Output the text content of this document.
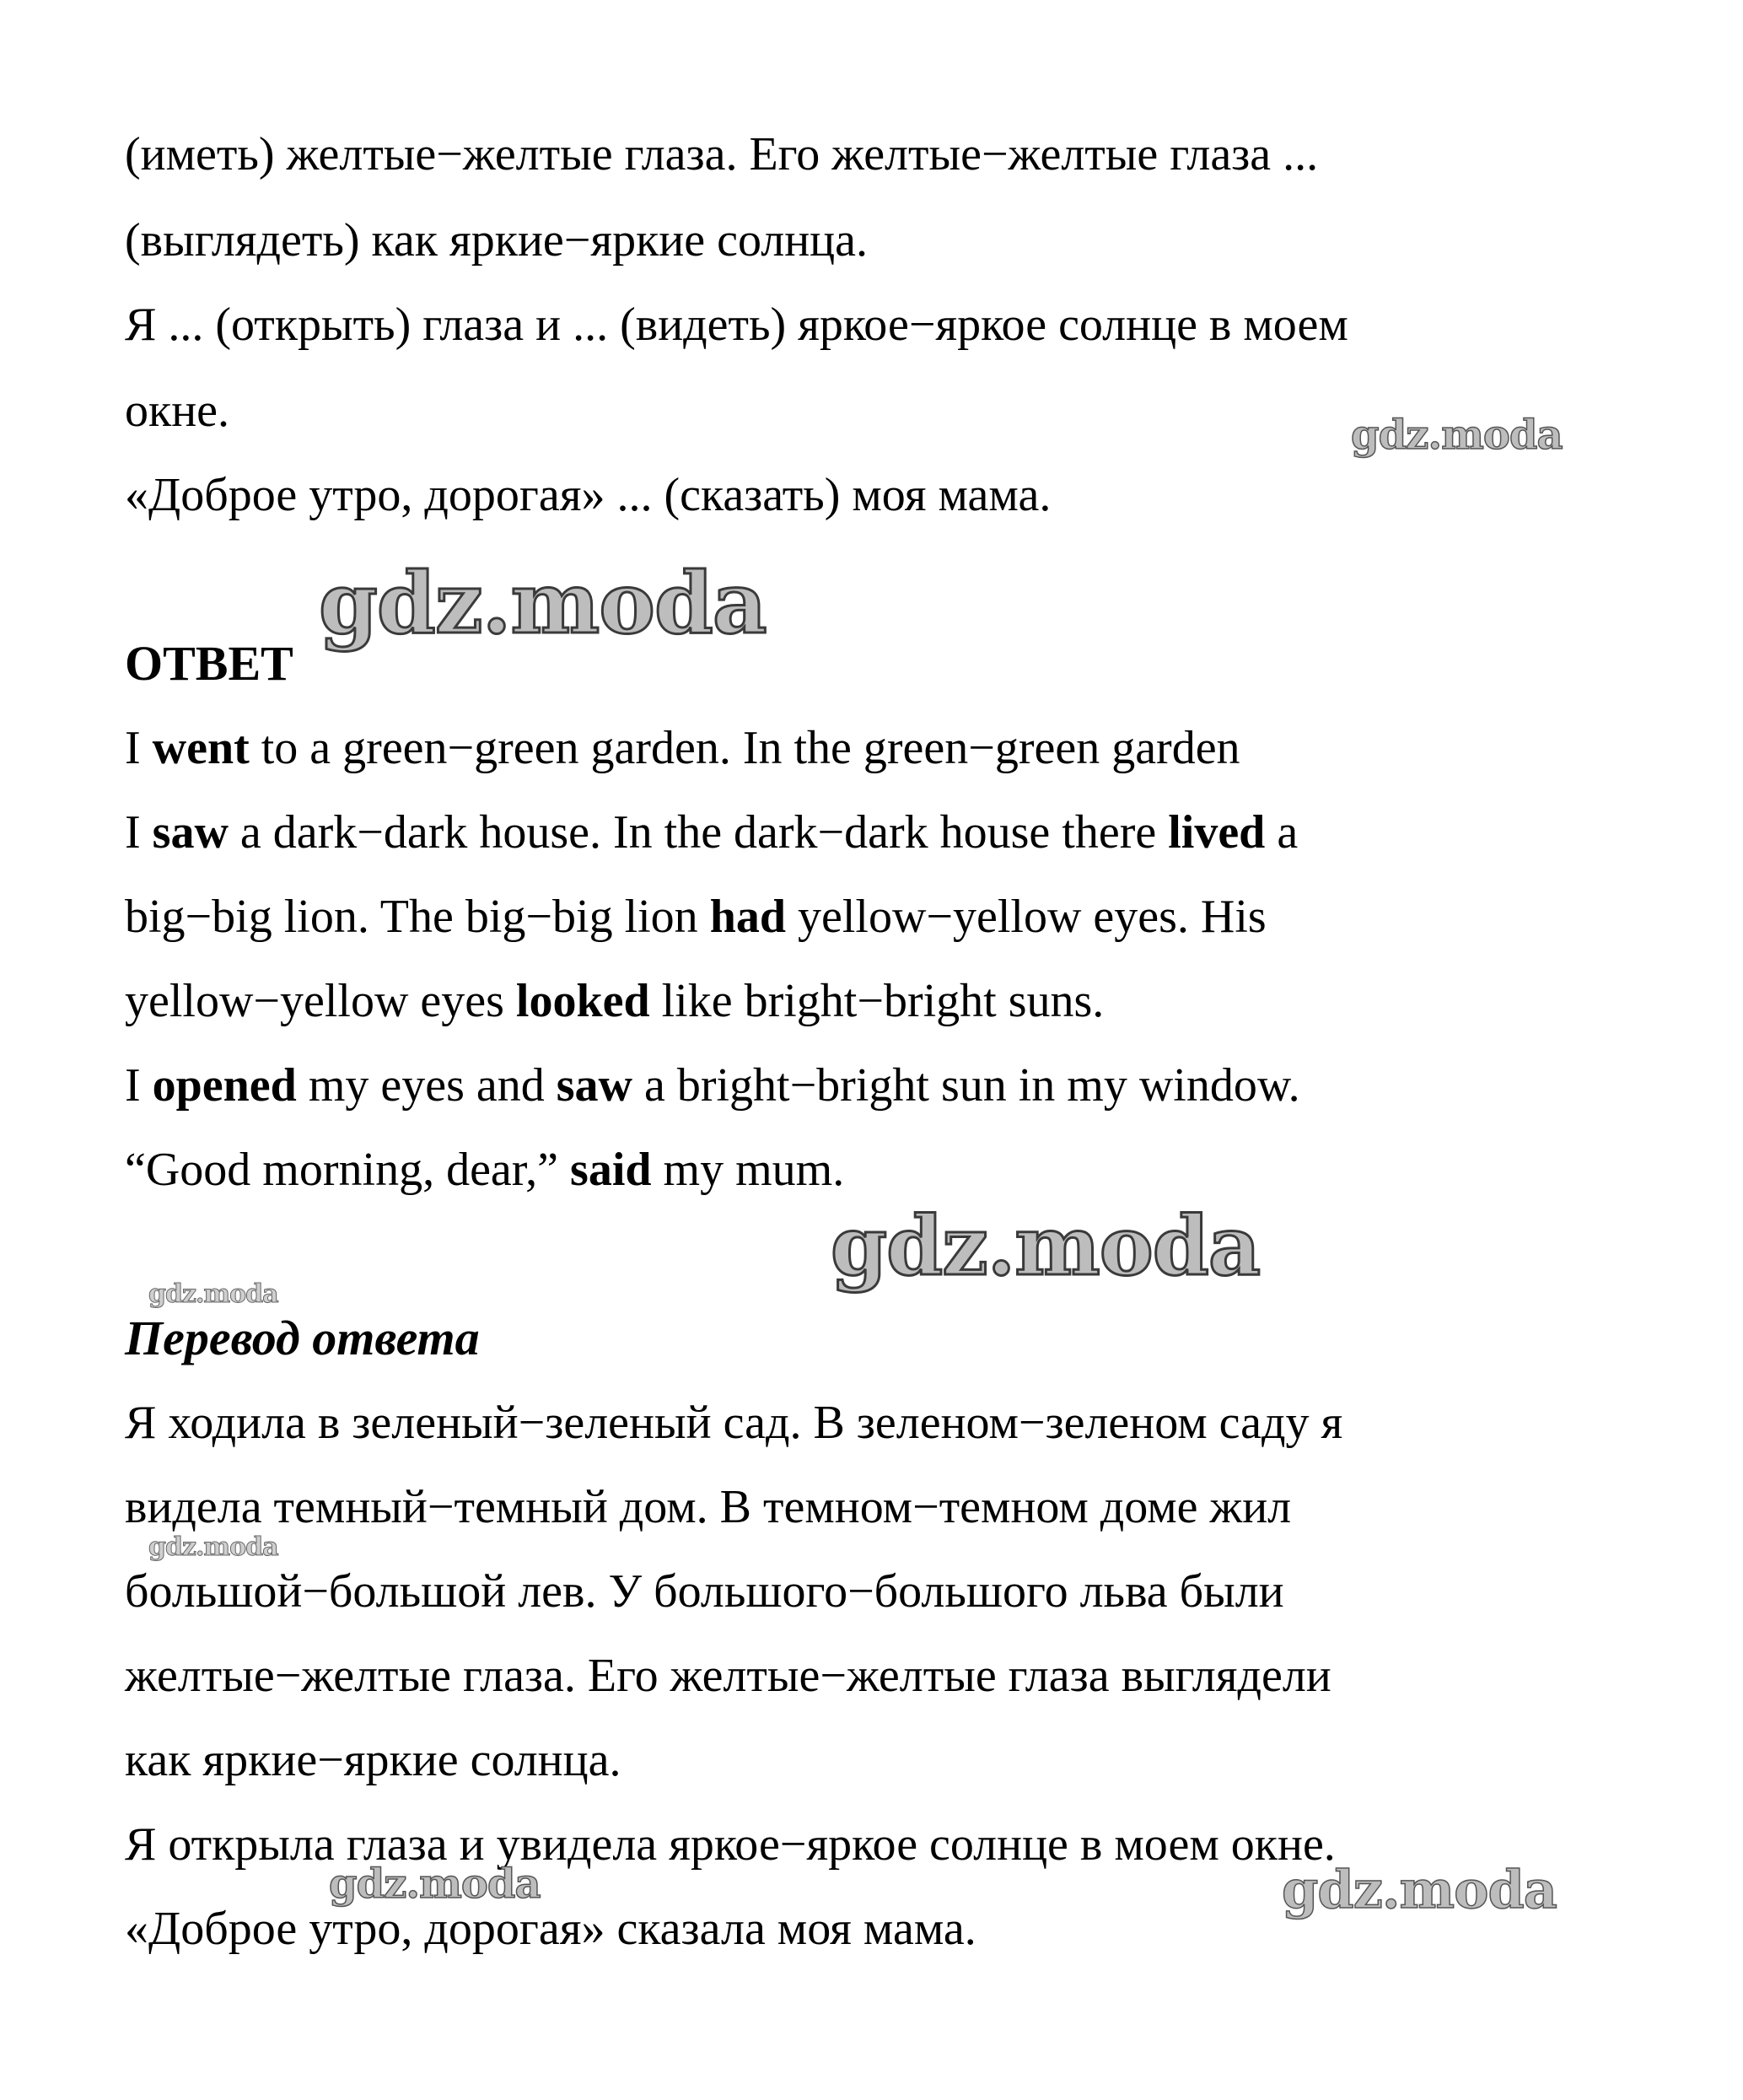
(иметь) желтые−желтые глаза. Его желтые−желтые глаза ...

(выглядеть) как яркие−яркие солнца.

Я ... (открыть) глаза и ... (видеть) яркое−яркое солнце в моем

окне.

«Доброе утро, дорогая» ... (сказать) моя мама.

ОТВЕТ

I went to a green−green garden. In the green−green garden

I saw a dark−dark house. In the dark−dark house there lived a

big−big lion. The big−big lion had yellow−yellow eyes. His

yellow−yellow eyes looked like bright−bright suns.

I opened my eyes and saw a bright−bright sun in my window.

“Good morning, dear,” said my mum.

Перевод ответа

Я ходила в зеленый−зеленый сад. В зеленом−зеленом саду я

видела темный−темный дом. В темном−темном доме жил

большой−большой лев. У большого−большого льва были

желтые−желтые глаза. Его желтые−желтые глаза выглядели

как яркие−яркие солнца.

Я открыла глаза и увидела яркое−яркое солнце в моем окне.

«Доброе утро, дорогая» сказала моя мама.

gdz.moda
gdz.moda
gdz.moda
gdz.moda
gdz.moda
gdz.moda	gdz.moda
